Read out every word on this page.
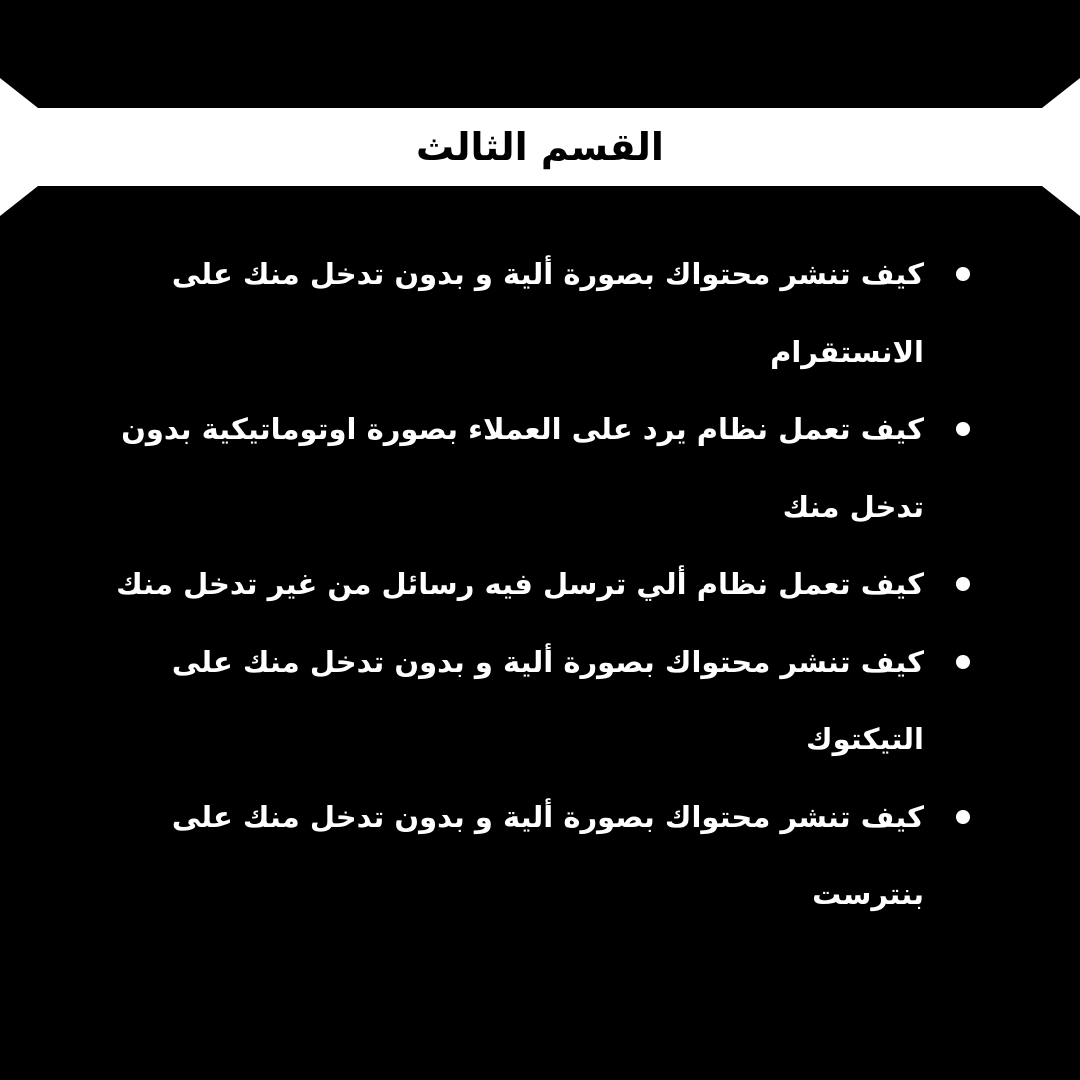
القسم الثالث
كيف تنشر محتواك بصورة ألية و بدون تدخل منك على الانستقرام
كيف تعمل نظام يرد على العملاء بصورة اوتوماتيكية بدون تدخل منك
كيف تعمل نظام ألي ترسل فيه رسائل من غير تدخل منك
كيف تنشر محتواك بصورة ألية و بدون تدخل منك على التيكتوك
كيف تنشر محتواك بصورة ألية و بدون تدخل منك على بنترست
